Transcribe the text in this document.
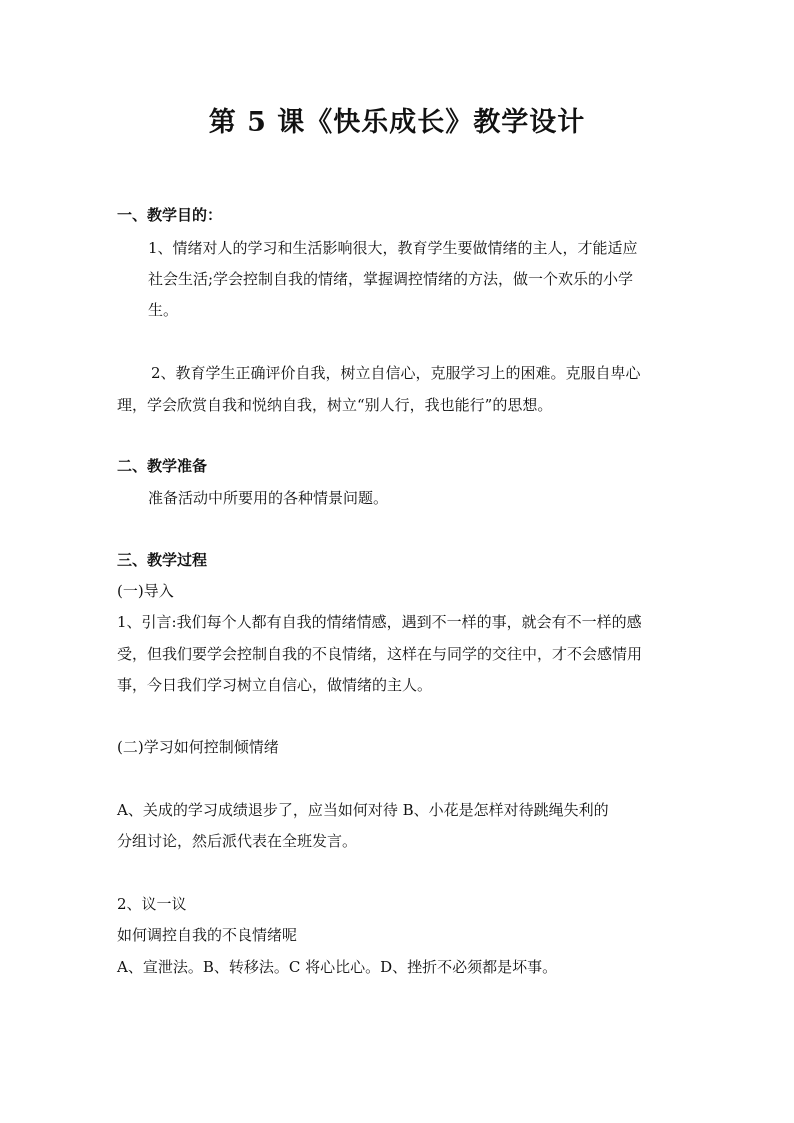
第 5 课《快乐成长》教学设计
一、教学目的：
1、情绪对人的学习和生活影响很大，教育学生要做情绪的主人，才能适应
社会生活;学会控制自我的情绪，掌握调控情绪的方法，做一个欢乐的小学
生。
2、教育学生正确评价自我，树立自信心，克服学习上的困难。克服自卑心
理，学会欣赏自我和悦纳自我，树立“别人行，我也能行”的思想。
二、教学准备
准备活动中所要用的各种情景问题。
三、教学过程
(一)导入
1、引言:我们每个人都有自我的情绪情感，遇到不一样的事，就会有不一样的感
受，但我们要学会控制自我的不良情绪，这样在与同学的交往中，才不会感情用
事，今日我们学习树立自信心，做情绪的主人。
(二)学习如何控制倾情绪
A、关成的学习成绩退步了，应当如何对待 B、小花是怎样对待跳绳失利的
分组讨论，然后派代表在全班发言。
2、议一议
如何调控自我的不良情绪呢
A、宣泄法。B、转移法。C 将心比心。D、挫折不必须都是坏事。
